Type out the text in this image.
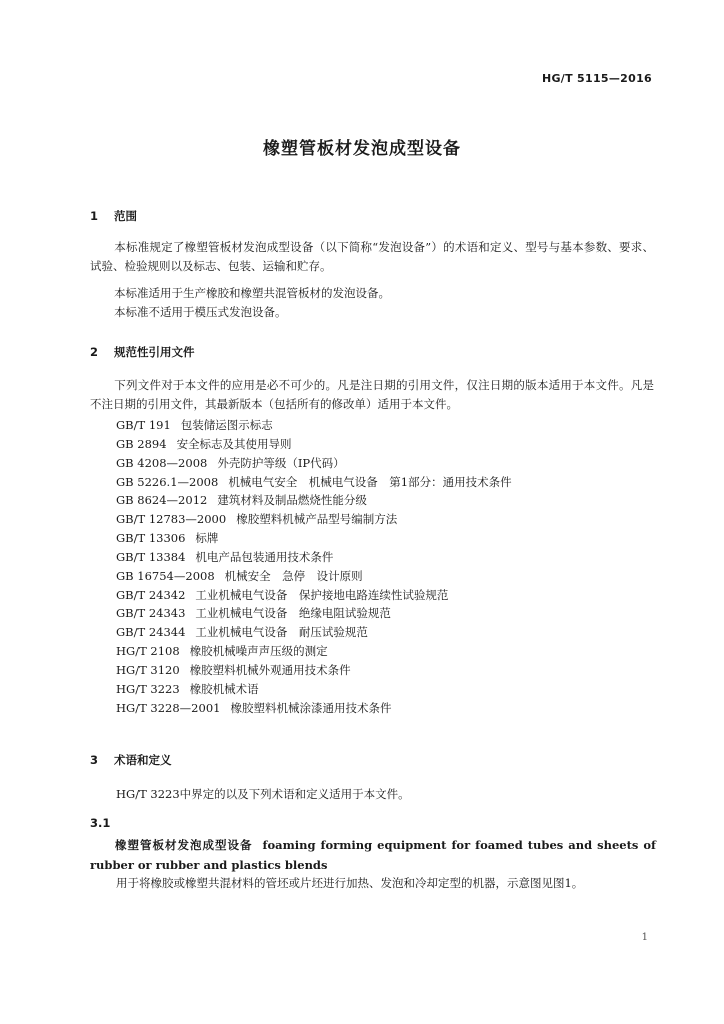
HG/T 5115—2016
橡塑管板材发泡成型设备
1 范围
本标准规定了橡塑管板材发泡成型设备（以下简称“发泡设备”）的术语和定义、型号与基本参数、要求、试验、检验规则以及标志、包装、运输和贮存。
本标准适用于生产橡胶和橡塑共混管板材的发泡设备。
本标准不适用于模压式发泡设备。
2 规范性引用文件
下列文件对于本文件的应用是必不可少的。凡是注日期的引用文件，仅注日期的版本适用于本文件。凡是不注日期的引用文件，其最新版本（包括所有的修改单）适用于本文件。
GB/T 191 包装储运图示标志
GB 2894 安全标志及其使用导则
GB 4208—2008 外壳防护等级（IP代码）
GB 5226.1—2008 机械电气安全　机械电气设备　第1部分：通用技术条件
GB 8624—2012 建筑材料及制品燃烧性能分级
GB/T 12783—2000 橡胶塑料机械产品型号编制方法
GB/T 13306 标牌
GB/T 13384 机电产品包装通用技术条件
GB 16754—2008 机械安全　急停　设计原则
GB/T 24342 工业机械电气设备　保护接地电路连续性试验规范
GB/T 24343 工业机械电气设备　绝缘电阻试验规范
GB/T 24344 工业机械电气设备　耐压试验规范
HG/T 2108 橡胶机械噪声声压级的测定
HG/T 3120 橡胶塑料机械外观通用技术条件
HG/T 3223 橡胶机械术语
HG/T 3228—2001 橡胶塑料机械涂漆通用技术条件
3 术语和定义
HG/T 3223中界定的以及下列术语和定义适用于本文件。
3.1
橡塑管板材发泡成型设备 foaming forming equipment for foamed tubes and sheets of rubber or rubber and plastics blends
用于将橡胶或橡塑共混材料的管坯或片坯进行加热、发泡和冷却定型的机器，示意图见图1。
1
